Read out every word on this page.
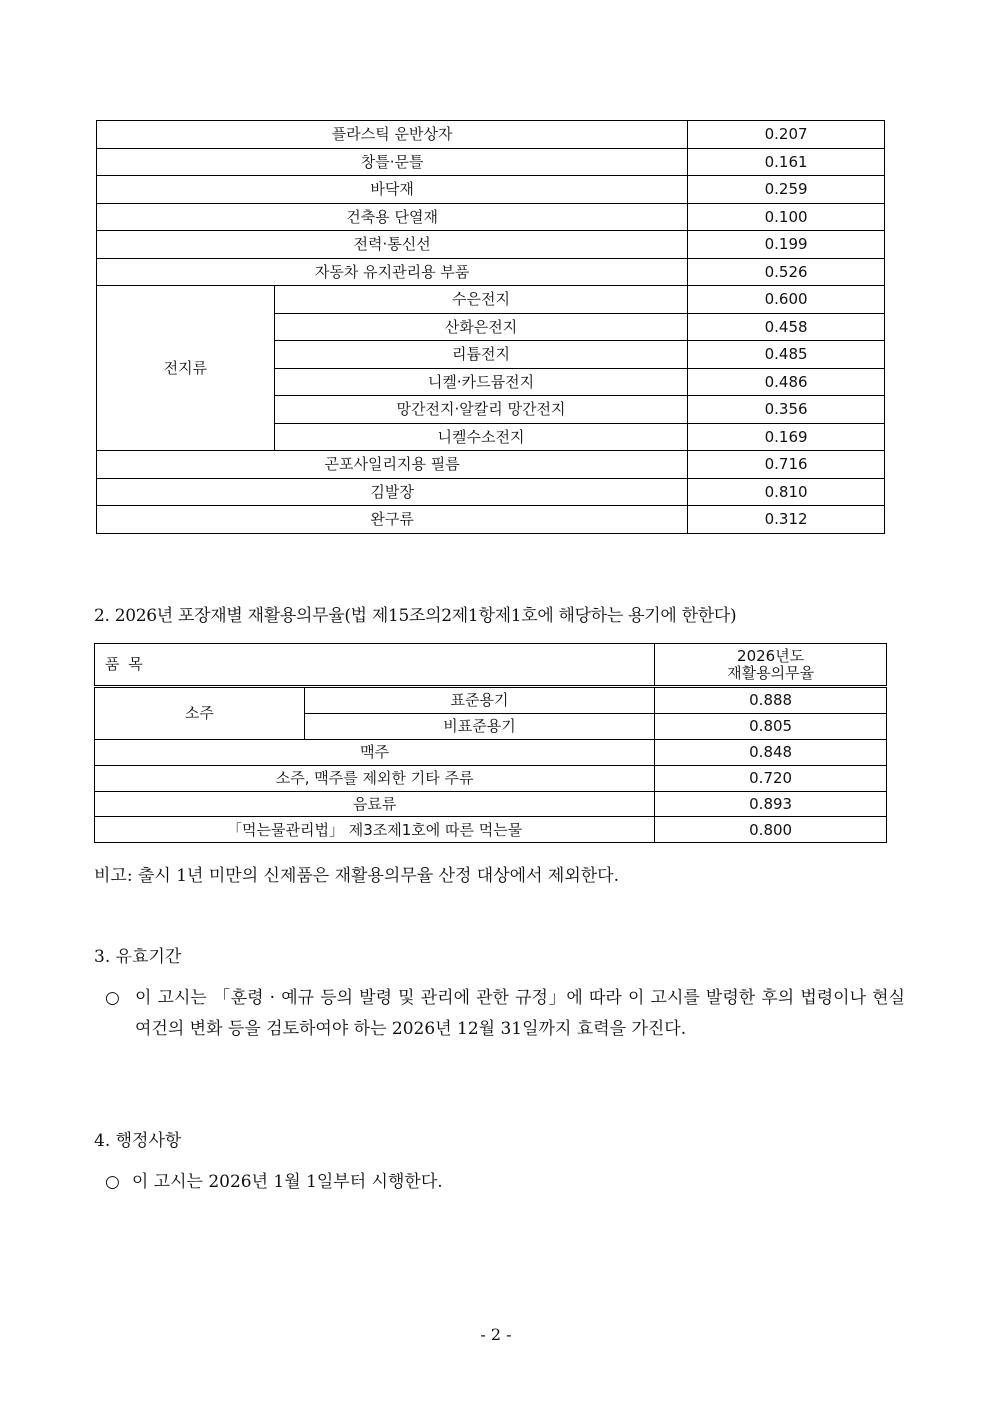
플라스틱 운반상자		0.207
창틀·문틀		0.161
바닥재		0.259
건축용 단열재		0.100
전력·통신선		0.199
자동차 유지관리용 부품		0.526
전지류	수은전지	0.600
	산화은전지	0.458
	리튬전지	0.485
	니켈·카드뮴전지	0.486
	망간전지·알칼리 망간전지	0.356
	니켈수소전지	0.169
곤포사일리지용 필름		0.716
김발장		0.810
완구류		0.312
2. 2026년 포장재별 재활용의무율(법 제15조의2제1항제1호에 해당하는 용기에 한한다)
품 목		2026년도
재활용의무율

소주	표준용기	0.888
	비표준용기	0.805
맥주		0.848
소주, 맥주를 제외한 기타 주류		0.720
음료류		0.893
「먹는물관리법」 제3조제1호에 따른 먹는물		0.800
비고: 출시 1년 미만의 신제품은 재활용의무율 산정 대상에서 제외한다.
3. 유효기간
○ 이 고시는 「훈령 · 예규 등의 발령 및 관리에 관한 규정」에 따라 이 고시를 발령한 후의 법령이나 현실 여건의 변화 등을 검토하여야 하는 2026년 12월 31일까지 효력을 가진다.
4. 행정사항
○ 이 고시는 2026년 1월 1일부터 시행한다.
- 2 -
